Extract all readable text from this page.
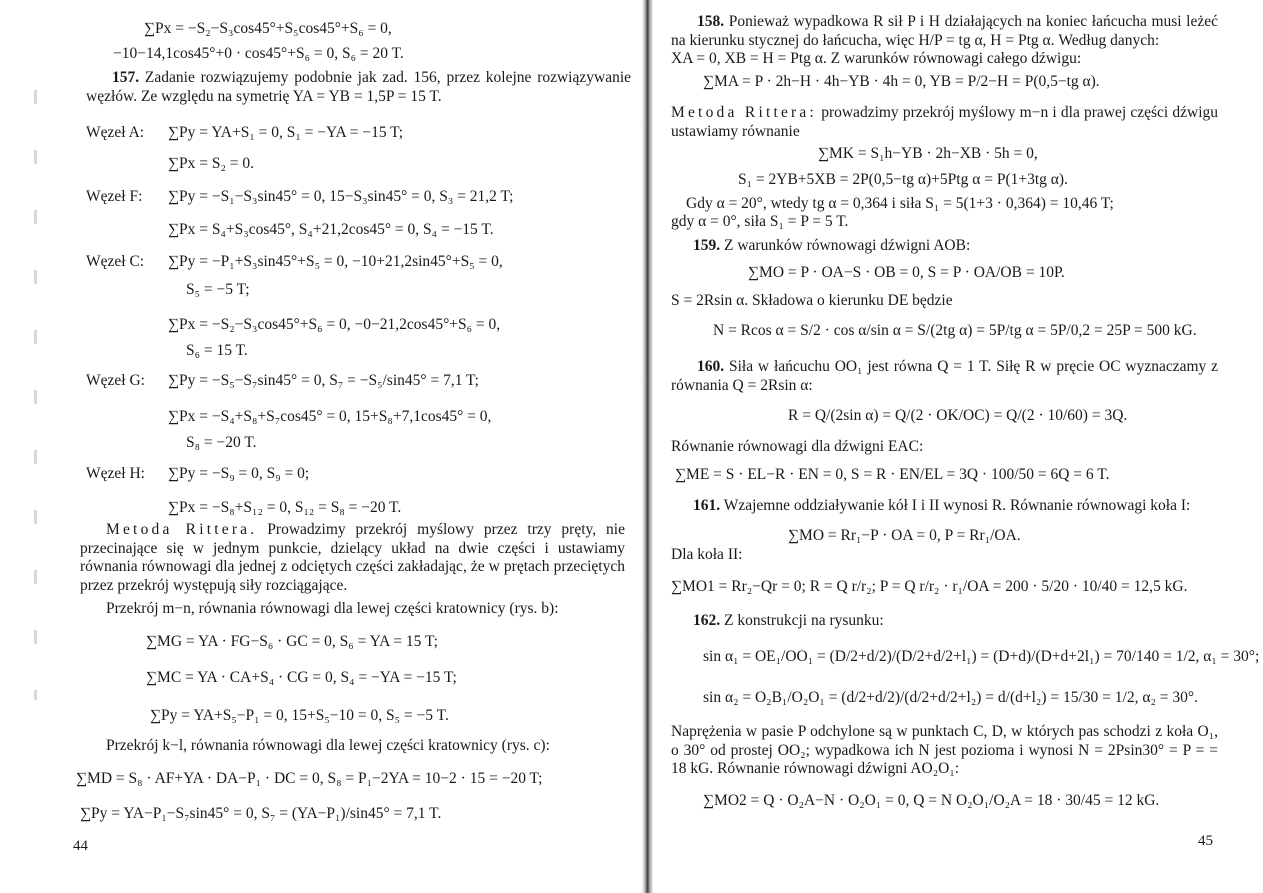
∑Px = −S₂−S₃cos45°+S₅cos45°+S₆ = 0,
−10−14,1cos45°+0 · cos45°+S₆ = 0, S₆ = 20 T.
157. Zadanie rozwiązujemy podobnie jak zad. 156, przez kolejne rozwiązywanie węzłów. Ze względu na symetrię YA = YB = 1,5P = 15 T.
Węzeł A: ∑Py = YA+S₁ = 0, S₁ = −YA = −15 T;
∑Px = S₂ = 0.
Węzeł F: ∑Py = −S₁−S₃sin45° = 0, 15−S₃sin45° = 0, S₃ = 21,2 T;
∑Px = S₄+S₃cos45°, S₄+21,2cos45° = 0, S₄ = −15 T.
Węzeł C: ∑Py = −P₁+S₃sin45°+S₅ = 0, −10+21,2sin45°+S₅ = 0,
S₅ = −5 T;
∑Px = −S₂−S₃cos45°+S₆ = 0, −0−21,2cos45°+S₆ = 0,
S₆ = 15 T.
Węzeł G: ∑Py = −S₅−S₇sin45° = 0, S₇ = −S₅/sin45° = 7,1 T;
∑Px = −S₄+S₈+S₇cos45° = 0, 15+S₈+7,1cos45° = 0,
S₈ = −20 T.
Węzeł H: ∑Py = −S₉ = 0, S₉ = 0;
∑Px = −S₈+S₁₂ = 0, S₁₂ = S₈ = −20 T.
Metoda Rittera. Prowadzimy przekrój myślowy przez trzy pręty, nie przecinające się w jednym punkcie, dzielący układ na dwie części i ustawiamy równania równowagi dla jednej z odciętych części zakładając, że w prętach przeciętych przez przekrój występują siły rozciągające.
Przekrój m−n, równania równowagi dla lewej części kratownicy (rys. b):
∑MG = YA · FG−S₆ · GC = 0, S₆ = YA = 15 T;
∑MC = YA · CA+S₄ · CG = 0, S₄ = −YA = −15 T;
∑Py = YA+S₅−P₁ = 0, 15+S₅−10 = 0, S₅ = −5 T.
Przekrój k−l, równania równowagi dla lewej części kratownicy (rys. c):
∑MD = S₈ · AF+YA · DA−P₁ · DC = 0, S₈ = P₁−2YA = 10−2 · 15 = −20 T;
∑Py = YA−P₁−S₇sin45° = 0, S₇ = (YA−P₁)/sin45° = 7,1 T.
44
158. Ponieważ wypadkowa R sił P i H działających na koniec łańcucha musi leżeć na kierunku stycznej do łańcucha, więc H/P = tg α, H = Ptg α. Według danych:
XA = 0, XB = H = Ptg α. Z warunków równowagi całego dźwigu:
∑MA = P · 2h−H · 4h−YB · 4h = 0, YB = P/2−H = P(0,5−tg α).
Metoda Rittera: prowadzimy przekrój myślowy m−n i dla prawej części dźwigu ustawiamy równanie
∑MK = S₁h−YB · 2h−XB · 5h = 0,
S₁ = 2YB+5XB = 2P(0,5−tg α)+5Ptg α = P(1+3tg α).
Gdy α = 20°, wtedy tg α = 0,364 i siła S₁ = 5(1+3 · 0,364) = 10,46 T;
gdy α = 0°, siła S₁ = P = 5 T.
159. Z warunków równowagi dźwigni AOB:
∑MO = P · OA−S · OB = 0, S = P · OA/OB = 10P.
S = 2Rsin α. Składowa o kierunku DE będzie
N = Rcos α = S/2 · cos α/sin α = S/(2tg α) = 5P/tg α = 5P/0,2 = 25P = 500 kG.
160. Siła w łańcuchu OO₁ jest równa Q = 1 T. Siłę R w pręcie OC wyznaczamy z równania Q = 2Rsin α:
R = Q/(2sin α) = Q/(2 · OK/OC) = Q/(2 · 10/60) = 3Q.
Równanie równowagi dla dźwigni EAC:
∑ME = S · EL−R · EN = 0, S = R · EN/EL = 3Q · 100/50 = 6Q = 6 T.
161. Wzajemne oddziaływanie kół I i II wynosi R. Równanie równowagi koła I:
∑MO = Rr₁−P · OA = 0, P = Rr₁/OA.
Dla koła II:
∑MO1 = Rr₂−Qr = 0; R = Q r/r₂; P = Q r/r₂ · r₁/OA = 200 · 5/20 · 10/40 = 12,5 kG.
162. Z konstrukcji na rysunku:
sin α₁ = OE₁/OO₁ = (D/2+d/2)/(D/2+d/2+l₁) = (D+d)/(D+d+2l₁) = 70/140 = 1/2, α₁ = 30°;
sin α₂ = O₂B₁/O₂O₁ = (d/2+d/2)/(d/2+d/2+l₂) = d/(d+l₂) = 15/30 = 1/2, α₂ = 30°.
Naprężenia w pasie P odchylone są w punktach C, D, w których pas schodzi z koła O₁, o 30° od prostej OO₂; wypadkowa ich N jest pozioma i wynosi N = 2Psin30° = P = = 18 kG. Równanie równowagi dźwigni AO₂O₁:
∑MO2 = Q · O₂A−N · O₂O₁ = 0, Q = N O₂O₁/O₂A = 18 · 30/45 = 12 kG.
45
